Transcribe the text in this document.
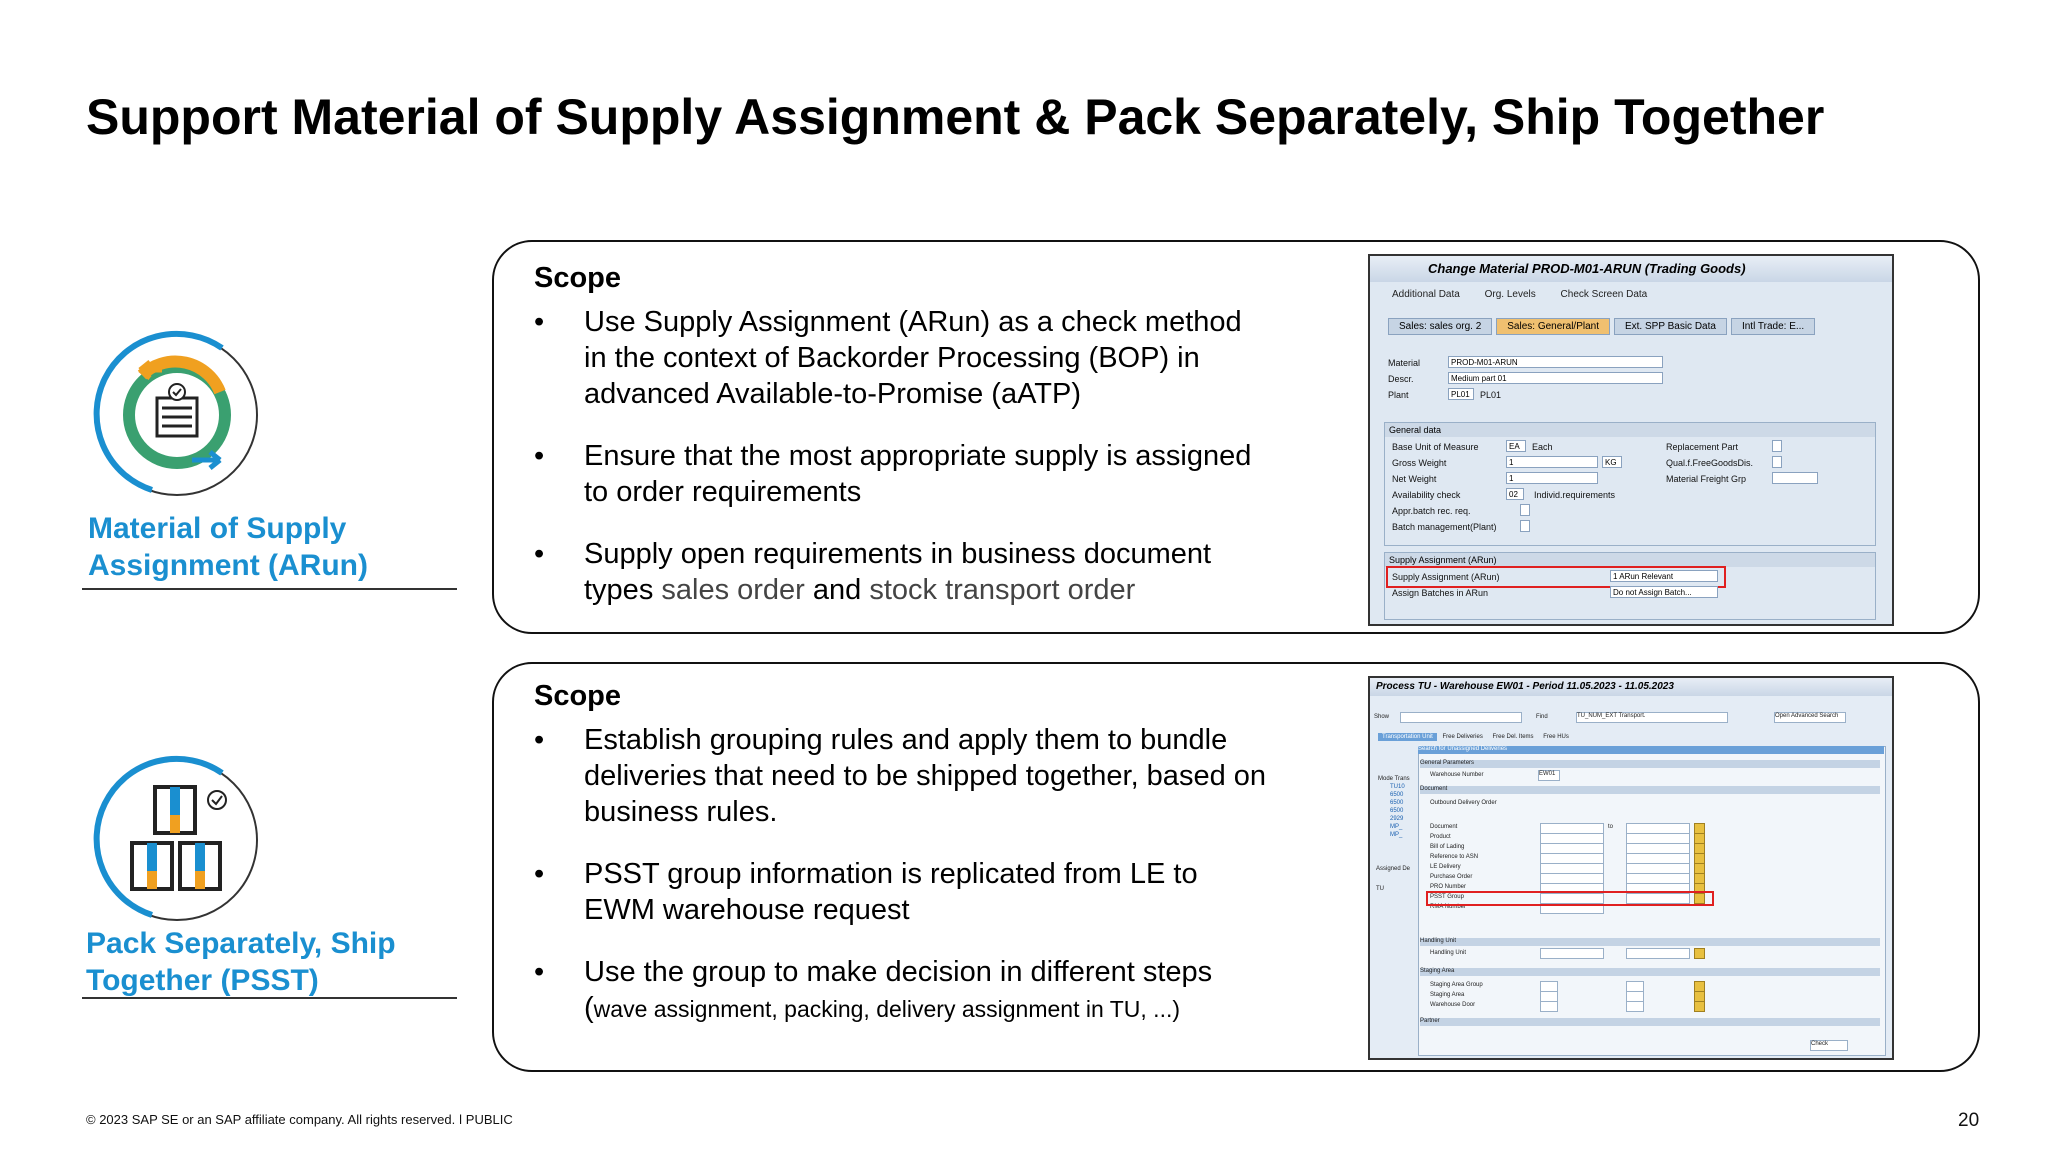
Support Material of Supply Assignment & Pack Separately, Ship Together
Material of Supply
Assignment (ARun)
Pack Separately, Ship
Together (PSST)
Scope
• Use Supply Assignment (ARun) as a check method
in the context of Backorder Processing (BOP) in
advanced Available-to-Promise (aATP)
• Ensure that the most appropriate supply is assigned
to order requirements
• Supply open requirements in business document
types sales order and stock transport order
Change Material PROD-M01-ARUN (Trading Goods)
Additional Data Org. Levels Check Screen Data
Sales: sales org. 2	Sales: General/Plant	Ext. SPP Basic Data	Intl Trade: E...
Material	PROD-M01-ARUN
Descr.	Medium part 01
Plant	PL01	PL01
General data
Base Unit of Measure	EA	Each
Gross Weight	1	KG
Net Weight	1
Availability check	02	Individ.requirements
Appr.batch rec. req.
Batch management(Plant)
Replacement Part
Qual.f.FreeGoodsDis.
Material Freight Grp
Supply Assignment (ARun)
Supply Assignment (ARun)	1 ARun Relevant
Assign Batches in ARun	Do not Assign Batch...
Scope
• Establish grouping rules and apply them to bundle
deliveries that need to be shipped together, based on
business rules.
• PSST group information is replicated from LE to
EWM warehouse request
• Use the group to make decision in different steps
(wave assignment, packing, delivery assignment in TU, ...)
Process TU - Warehouse EW01 - Period 11.05.2023 - 11.05.2023
Show	Find	TU_NUM_EXT Transport.	Open Advanced Search
Transportation Unit Free Deliveries Free Del. Items Free HUs
Mode Trans
TU10
6500
6500
6500
2929
MP_
MP_
Assigned De
TU
Search for Unassigned Deliveries
General Parameters
Warehouse Number	EW01
Document
Outbound Delivery Order
Document
Product
Bill of Lading
Reference to ASN
LE Delivery
Purchase Order
PRO Number
PSST Group
RMA Number
to
Handling Unit
Handling Unit
Staging Area
Staging Area Group
Staging Area
Warehouse Door
Partner
Check
© 2023 SAP SE or an SAP affiliate company. All rights reserved. ǀ PUBLIC	20
